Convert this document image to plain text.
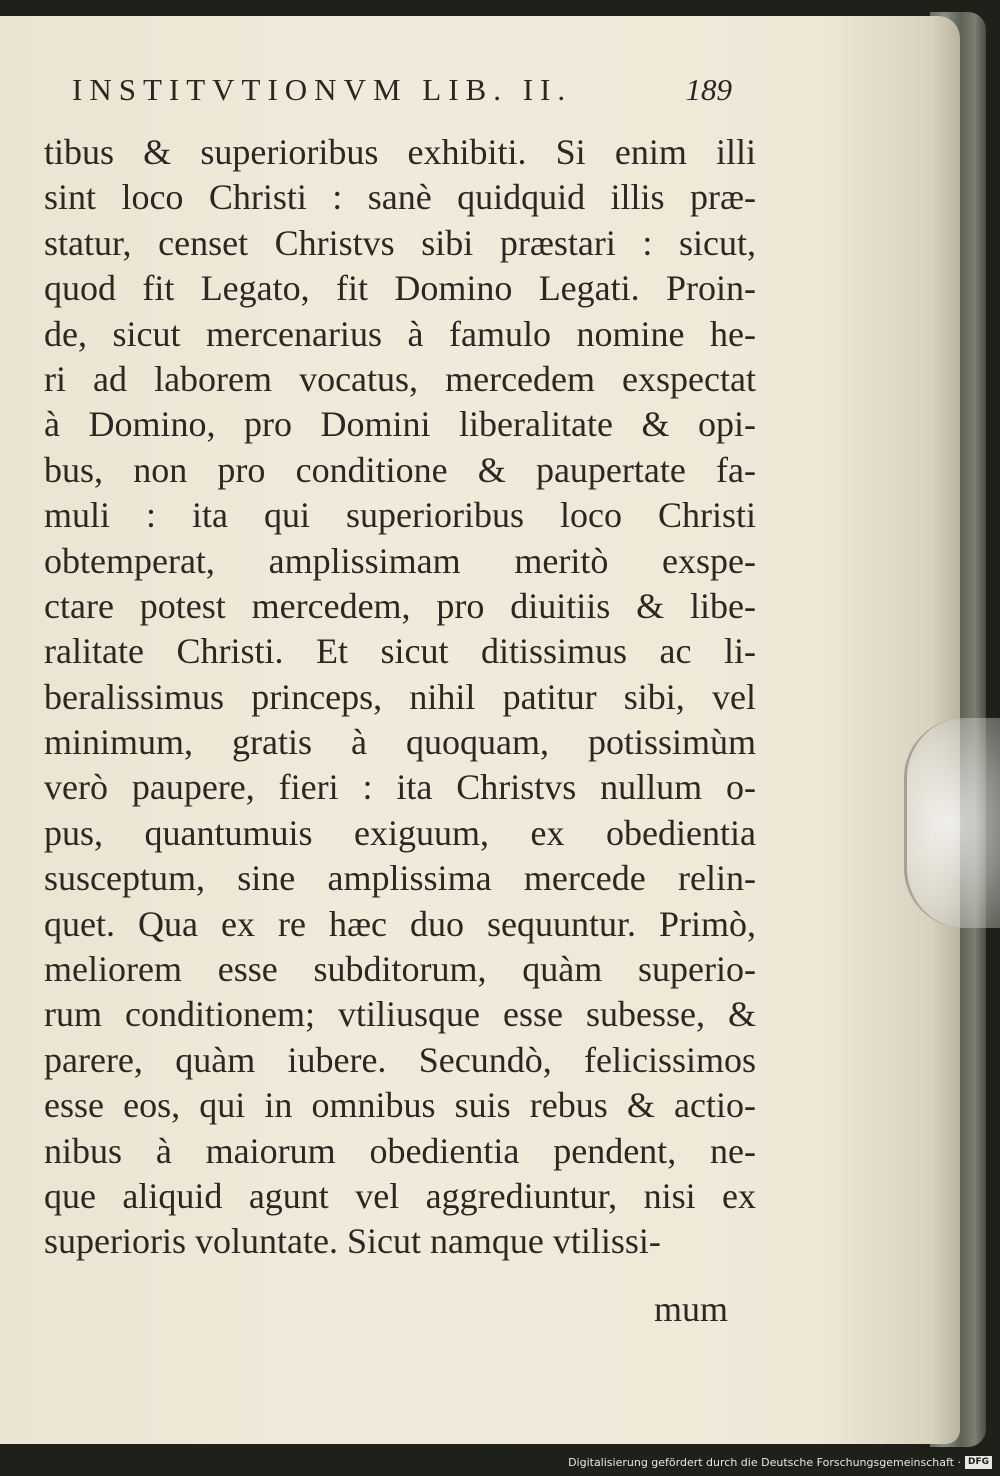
INSTITVTIONVM LIB. II.	189
tibus & superioribus exhibiti. Si enim illi
sint loco Christi : sanè quidquid illis præ-
statur, censet Christvs sibi præstari : sicut,
quod fit Legato, fit Domino Legati. Proin-
de, sicut mercenarius à famulo nomine he-
ri ad laborem vocatus, mercedem exspectat
à Domino, pro Domini liberalitate & opi-
bus, non pro conditione & paupertate fa-
muli : ita qui superioribus loco Christi
obtemperat, amplissimam meritò exspe-
ctare potest mercedem, pro diuitiis & libe-
ralitate Christi. Et sicut ditissimus ac li-
beralissimus princeps, nihil patitur sibi, vel
minimum, gratis à quoquam, potissimùm
verò paupere, fieri : ita Christvs nullum o-
pus, quantumuis exiguum, ex obedientia
susceptum, sine amplissima mercede relin-
quet. Qua ex re hæc duo sequuntur. Primò,
meliorem esse subditorum, quàm superio-
rum conditionem; vtiliusque esse subesse, &
parere, quàm iubere. Secundò, felicissimos
esse eos, qui in omnibus suis rebus & actio-
nibus à maiorum obedientia pendent, ne-
que aliquid agunt vel aggrediuntur, nisi ex
superioris voluntate. Sicut namque vtilissi-
mum
Digitalisierung gefördert durch die Deutsche Forschungsgemeinschaft · DFG
